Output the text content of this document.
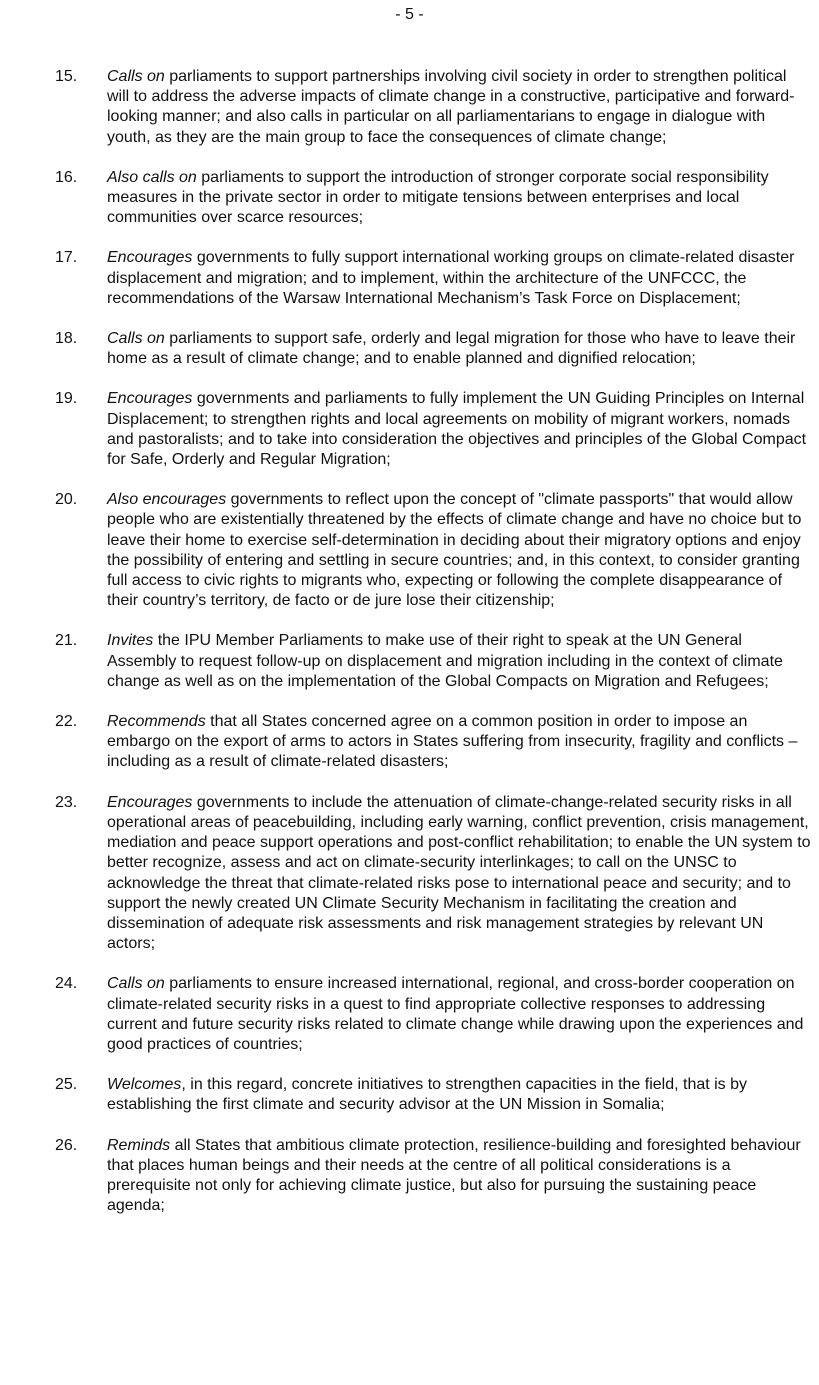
- 5 -
15. Calls on parliaments to support partnerships involving civil society in order to strengthen political will to address the adverse impacts of climate change in a constructive, participative and forward-looking manner; and also calls in particular on all parliamentarians to engage in dialogue with youth, as they are the main group to face the consequences of climate change;
16. Also calls on parliaments to support the introduction of stronger corporate social responsibility measures in the private sector in order to mitigate tensions between enterprises and local communities over scarce resources;
17. Encourages governments to fully support international working groups on climate-related disaster displacement and migration; and to implement, within the architecture of the UNFCCC, the recommendations of the Warsaw International Mechanism’s Task Force on Displacement;
18. Calls on parliaments to support safe, orderly and legal migration for those who have to leave their home as a result of climate change; and to enable planned and dignified relocation;
19. Encourages governments and parliaments to fully implement the UN Guiding Principles on Internal Displacement; to strengthen rights and local agreements on mobility of migrant workers, nomads and pastoralists; and to take into consideration the objectives and principles of the Global Compact for Safe, Orderly and Regular Migration;
20. Also encourages governments to reflect upon the concept of "climate passports" that would allow people who are existentially threatened by the effects of climate change and have no choice but to leave their home to exercise self-determination in deciding about their migratory options and enjoy the possibility of entering and settling in secure countries; and, in this context, to consider granting full access to civic rights to migrants who, expecting or following the complete disappearance of their country’s territory, de facto or de jure lose their citizenship;
21. Invites the IPU Member Parliaments to make use of their right to speak at the UN General Assembly to request follow-up on displacement and migration including in the context of climate change as well as on the implementation of the Global Compacts on Migration and Refugees;
22. Recommends that all States concerned agree on a common position in order to impose an embargo on the export of arms to actors in States suffering from insecurity, fragility and conflicts – including as a result of climate-related disasters;
23. Encourages governments to include the attenuation of climate-change-related security risks in all operational areas of peacebuilding, including early warning, conflict prevention, crisis management, mediation and peace support operations and post-conflict rehabilitation; to enable the UN system to better recognize, assess and act on climate-security interlinkages; to call on the UNSC to acknowledge the threat that climate-related risks pose to international peace and security; and to support the newly created UN Climate Security Mechanism in facilitating the creation and dissemination of adequate risk assessments and risk management strategies by relevant UN actors;
24. Calls on parliaments to ensure increased international, regional, and cross-border cooperation on climate-related security risks in a quest to find appropriate collective responses to addressing current and future security risks related to climate change while drawing upon the experiences and good practices of countries;
25. Welcomes, in this regard, concrete initiatives to strengthen capacities in the field, that is by establishing the first climate and security advisor at the UN Mission in Somalia;
26. Reminds all States that ambitious climate protection, resilience-building and foresighted behaviour that places human beings and their needs at the centre of all political considerations is a prerequisite not only for achieving climate justice, but also for pursuing the sustaining peace agenda;
